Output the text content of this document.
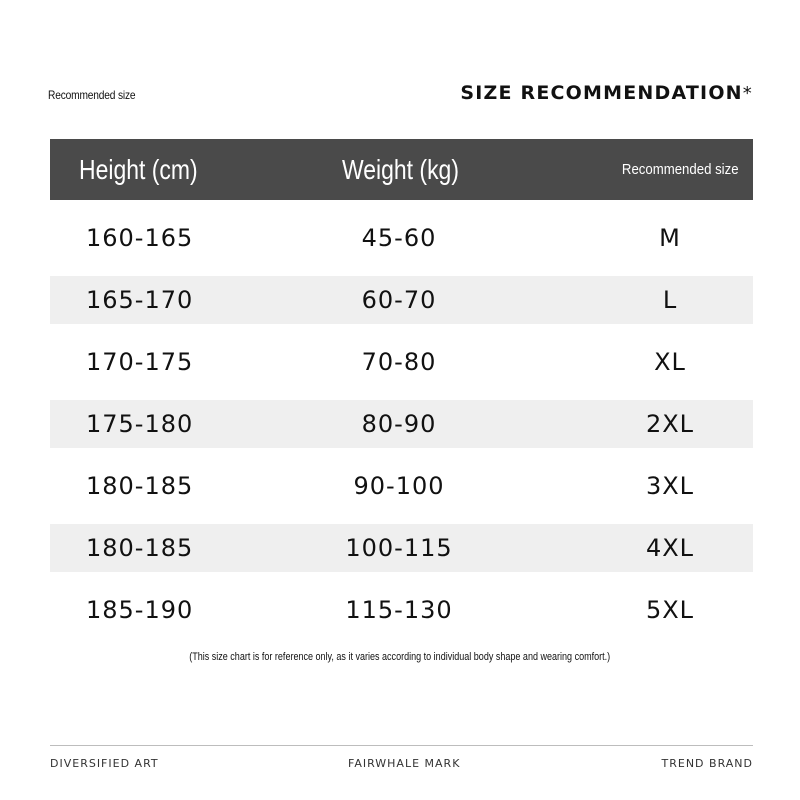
Recommended size	SIZE RECOMMENDATION*
Height (cm)	Weight (kg)	Recommended size
160-165	45-60	M
165-170	60-70	L
170-175	70-80	XL
175-180	80-90	2XL
180-185	90-100	3XL
180-185	100-115	4XL
185-190	115-130	5XL
(This size chart is for reference only, as it varies according to individual body shape and wearing comfort.)
DIVERSIFIED ART	FAIRWHALE MARK	TREND BRAND
